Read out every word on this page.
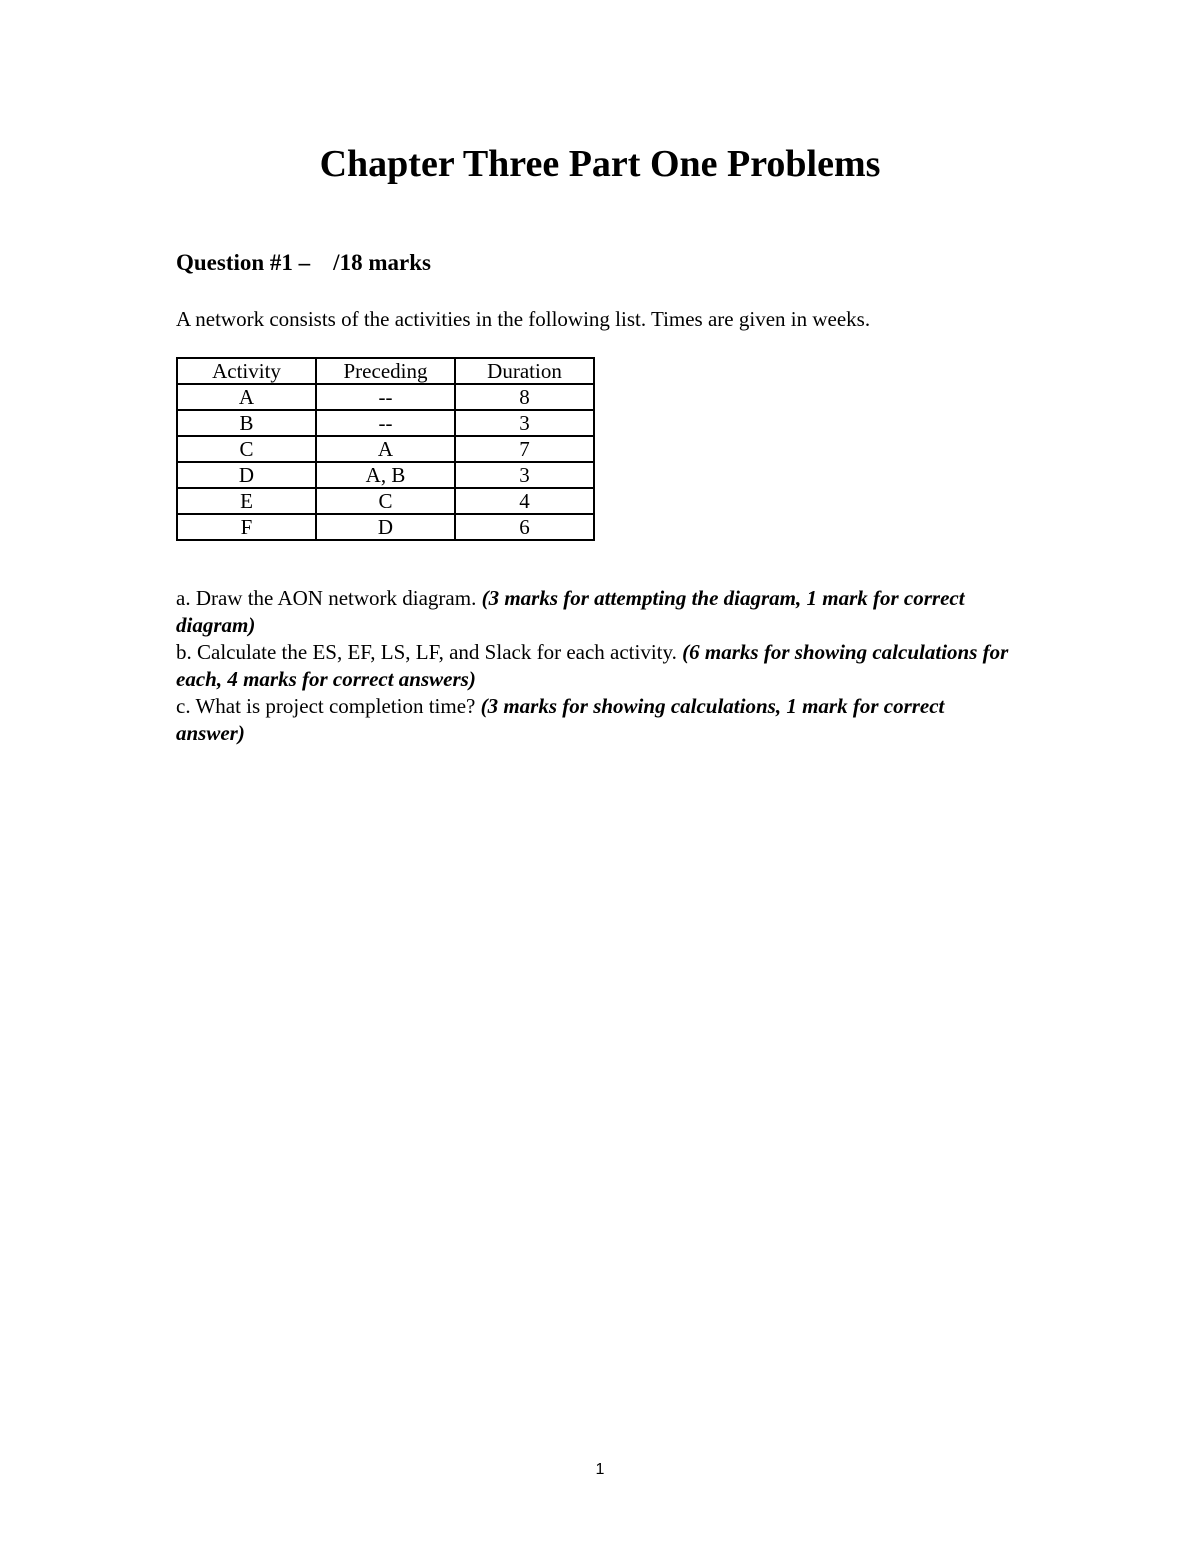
Chapter Three Part One Problems
Question #1 –    /18 marks
A network consists of the activities in the following list. Times are given in weeks.
Activity	Preceding	Duration
A	--	8
B	--	3
C	A	7
D	A, B	3
E	C	4
F	D	6

a. Draw the AON network diagram. (3 marks for attempting the diagram, 1 mark for correct diagram)

b. Calculate the ES, EF, LS, LF, and Slack for each activity. (6 marks for showing calculations for each, 4 marks for correct answers)

c. What is project completion time? (3 marks for showing calculations, 1 mark for correct answer)

1
